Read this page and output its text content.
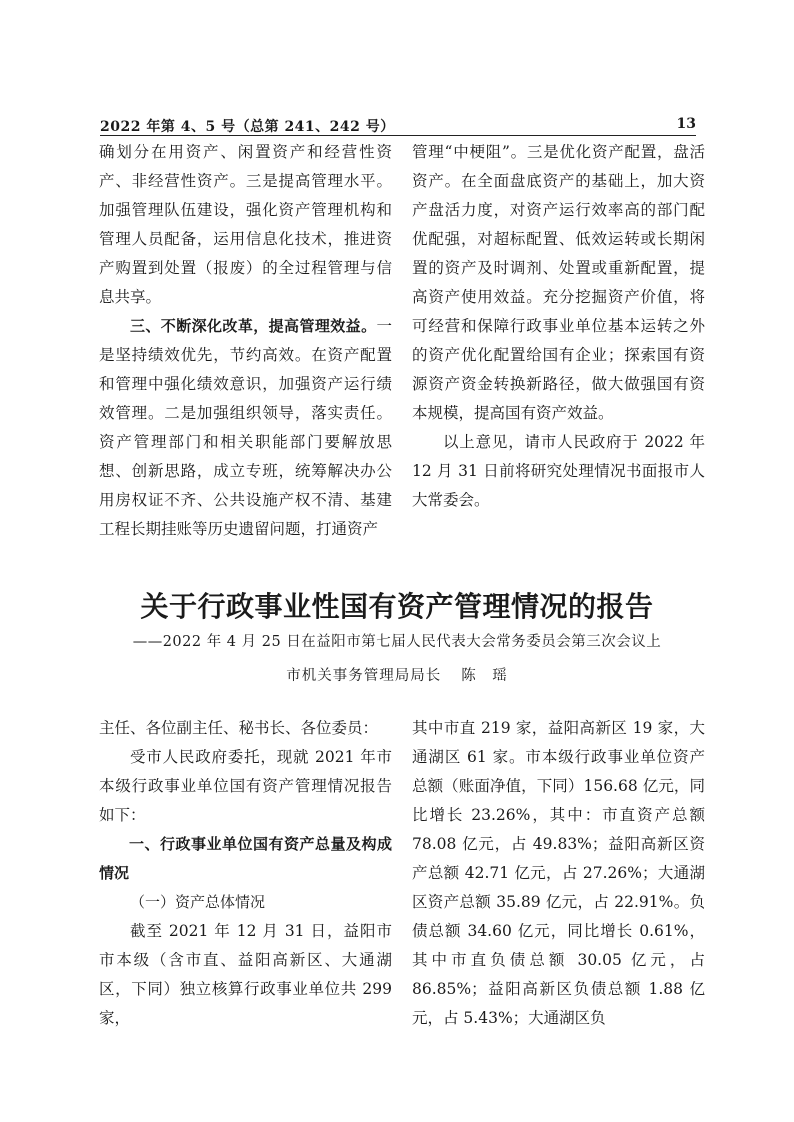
2022 年第 4、5 号（总第 241、242 号）	13

确划分在用资产、闲置资产和经营性资产、非经营性资产。三是提高管理水平。加强管理队伍建设，强化资产管理机构和管理人员配备，运用信息化技术，推进资产购置到处置（报废）的全过程管理与信息共享。

三、不断深化改革，提高管理效益。一是坚持绩效优先，节约高效。在资产配置和管理中强化绩效意识，加强资产运行绩效管理。二是加强组织领导，落实责任。资产管理部门和相关职能部门要解放思想、创新思路，成立专班，统筹解决办公用房权证不齐、公共设施产权不清、基建工程长期挂账等历史遗留问题，打通资产

管理“中梗阻”。三是优化资产配置，盘活资产。在全面盘底资产的基础上，加大资产盘活力度，对资产运行效率高的部门配优配强，对超标配置、低效运转或长期闲置的资产及时调剂、处置或重新配置，提高资产使用效益。充分挖掘资产价值，将可经营和保障行政事业单位基本运转之外的资产优化配置给国有企业；探索国有资源资产资金转换新路径，做大做强国有资本规模，提高国有资产效益。

以上意见，请市人民政府于 2022 年 12 月 31 日前将研究处理情况书面报市人大常委会。

关于行政事业性国有资产管理情况的报告
——2022 年 4 月 25 日在益阳市第七届人民代表大会常务委员会第三次会议上
市机关事务管理局局长 陈　瑶

主任、各位副主任、秘书长、各位委员：

受市人民政府委托，现就 2021 年市本级行政事业单位国有资产管理情况报告如下：

一、行政事业单位国有资产总量及构成情况

（一）资产总体情况

截至 2021 年 12 月 31 日，益阳市市本级（含市直、益阳高新区、大通湖区，下同）独立核算行政事业单位共 299 家，

其中市直 219 家，益阳高新区 19 家，大通湖区 61 家。市本级行政事业单位资产总额（账面净值，下同）156.68 亿元，同比增长 23.26%，其中：市直资产总额 78.08 亿元，占 49.83%；益阳高新区资产总额 42.71 亿元，占 27.26%；大通湖区资产总额 35.89 亿元，占 22.91%。负债总额 34.60 亿元，同比增长 0.61%，其中市直负债总额 30.05 亿元，占 86.85%；益阳高新区负债总额 1.88 亿元，占 5.43%；大通湖区负
